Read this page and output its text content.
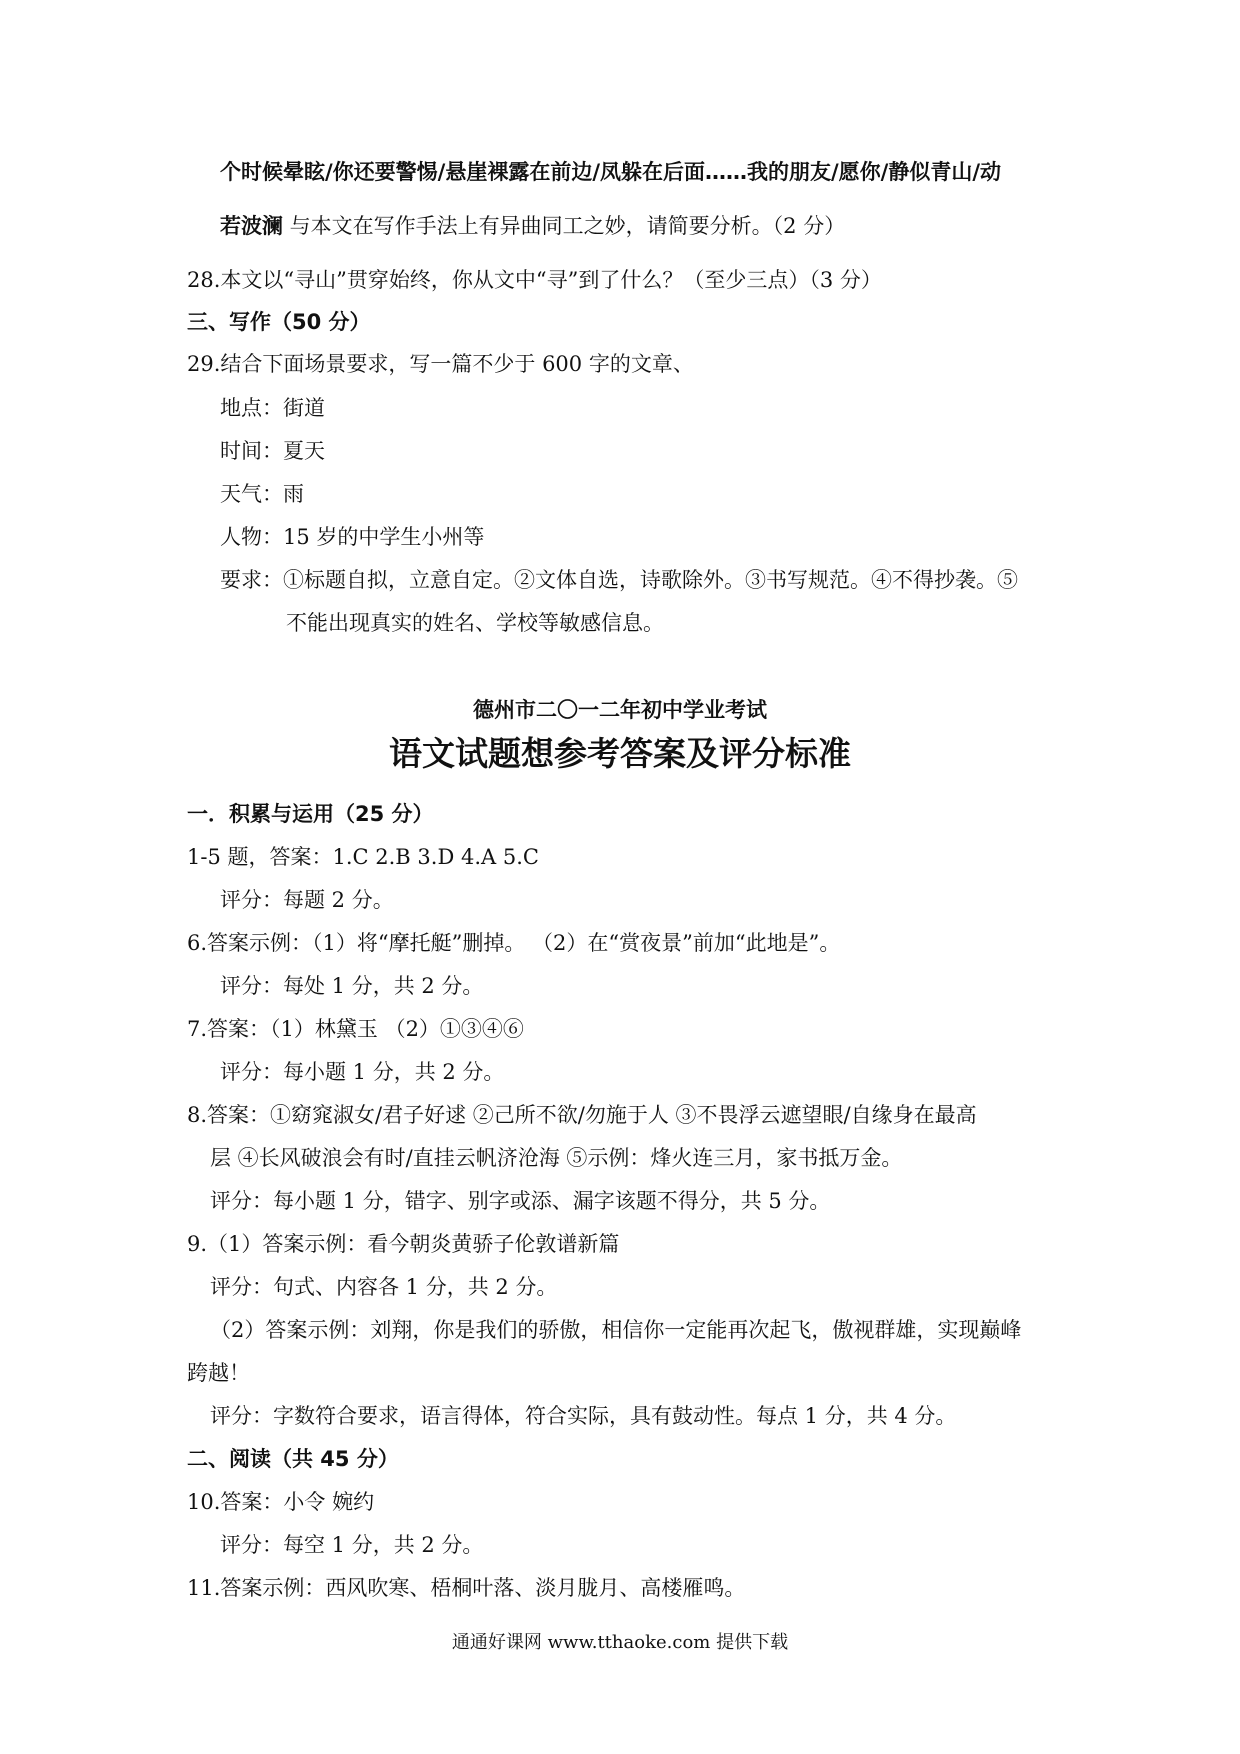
个时候晕眩/你还要警惕/悬崖裸露在前边/凤躲在后面……我的朋友/愿你/静似青山/动
若波澜 与本文在写作手法上有异曲同工之妙，请简要分析。（2 分）
28.本文以“寻山”贯穿始终，你从文中“寻”到了什么？（至少三点）（3 分）
三、写作（50 分）
29.结合下面场景要求，写一篇不少于 600 字的文章、
地点：街道
时间：夏天
天气：雨
人物：15 岁的中学生小州等
要求：①标题自拟，立意自定。②文体自选，诗歌除外。③书写规范。④不得抄袭。⑤
不能出现真实的姓名、学校等敏感信息。
德州市二〇一二年初中学业考试
语文试题想参考答案及评分标准
一．积累与运用（25 分）
1-5 题，答案：1.C 2.B 3.D 4.A 5.C
评分：每题 2 分。
6.答案示例：（1）将“摩托艇”删掉。 （2）在“赏夜景”前加“此地是”。
评分：每处 1 分，共 2 分。
7.答案：（1）林黛玉 （2）①③④⑥
评分：每小题 1 分，共 2 分。
8.答案：①窈窕淑女/君子好逑 ②己所不欲/勿施于人 ③不畏浮云遮望眼/自缘身在最高
层 ④长风破浪会有时/直挂云帆济沧海 ⑤示例：烽火连三月，家书抵万金。
评分：每小题 1 分，错字、别字或添、漏字该题不得分，共 5 分。
9.（1）答案示例：看今朝炎黄骄子伦敦谱新篇
评分：句式、内容各 1 分，共 2 分。
（2）答案示例：刘翔，你是我们的骄傲，相信你一定能再次起飞，傲视群雄，实现巅峰
跨越！
评分：字数符合要求，语言得体，符合实际，具有鼓动性。每点 1 分，共 4 分。
二、阅读（共 45 分）
10.答案：小令 婉约
评分：每空 1 分，共 2 分。
11.答案示例：西风吹寒、梧桐叶落、淡月胧月、高楼雁鸣。
通通好课网 www.tthaoke.com 提供下载
